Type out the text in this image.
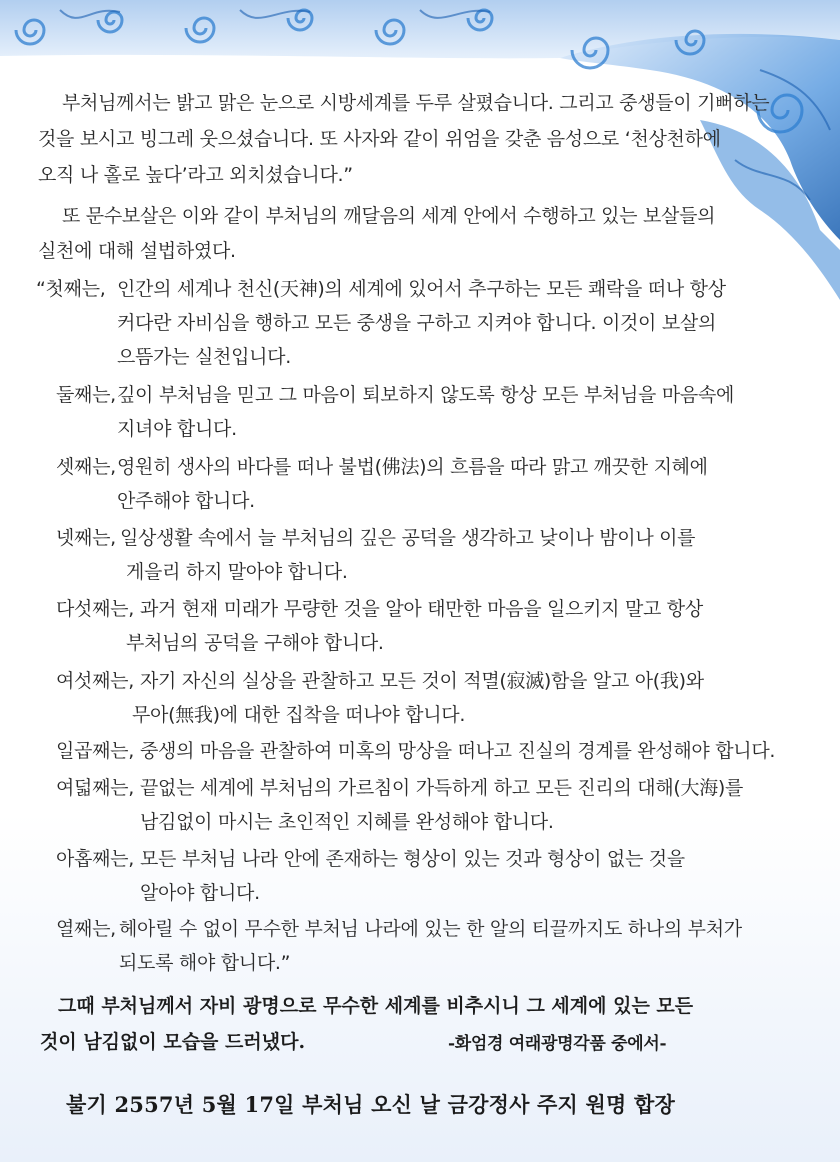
부처님께서는 밝고 맑은 눈으로 시방세계를 두루 살폈습니다. 그리고 중생들이 기뻐하는
것을 보시고 빙그레 웃으셨습니다. 또 사자와 같이 위엄을 갖춘 음성으로 ‘천상천하에
오직 나 홀로 높다’라고 외치셨습니다.”
또 문수보살은 이와 같이 부처님의 깨달음의 세계 안에서 수행하고 있는 보살들의
실천에 대해 설법하였다.
“첫째는, 인간의 세계나 천신(天神)의 세계에 있어서 추구하는 모든 쾌락을 떠나 항상
커다란 자비심을 행하고 모든 중생을 구하고 지켜야 합니다. 이것이 보살의
으뜸가는 실천입니다.
둘째는, 깊이 부처님을 믿고 그 마음이 퇴보하지 않도록 항상 모든 부처님을 마음속에
지녀야 합니다.
셋째는, 영원히 생사의 바다를 떠나 불법(佛法)의 흐름을 따라 맑고 깨끗한 지혜에
안주해야 합니다.
넷째는, 일상생활 속에서 늘 부처님의 깊은 공덕을 생각하고 낮이나 밤이나 이를
게을리 하지 말아야 합니다.
다섯째는, 과거 현재 미래가 무량한 것을 알아 태만한 마음을 일으키지 말고 항상
부처님의 공덕을 구해야 합니다.
여섯째는, 자기 자신의 실상을 관찰하고 모든 것이 적멸(寂滅)함을 알고 아(我)와
무아(無我)에 대한 집착을 떠나야 합니다.
일곱째는, 중생의 마음을 관찰하여 미혹의 망상을 떠나고 진실의 경계를 완성해야 합니다.
여덟째는, 끝없는 세계에 부처님의 가르침이 가득하게 하고 모든 진리의 대해(大海)를
남김없이 마시는 초인적인 지혜를 완성해야 합니다.
아홉째는, 모든 부처님 나라 안에 존재하는 형상이 있는 것과 형상이 없는 것을
알아야 합니다.
열째는, 헤아릴 수 없이 무수한 부처님 나라에 있는 한 알의 티끌까지도 하나의 부처가
되도록 해야 합니다.”
그때 부처님께서 자비 광명으로 무수한 세계를 비추시니 그 세계에 있는 모든
것이 남김없이 모습을 드러냈다.	-화엄경 여래광명각품 중에서-
불기 2557년 5월 17일 부처님 오신 날 금강정사 주지 원명 합장
